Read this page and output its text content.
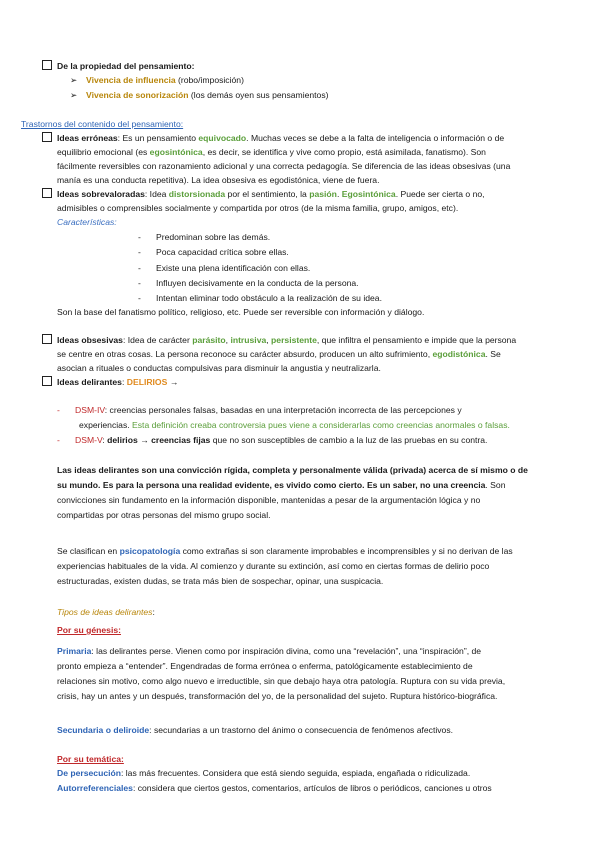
De la propiedad del pensamiento:
➢ Vivencia de influencia (robo/imposición)
➢ Vivencia de sonorización (los demás oyen sus pensamientos)
Trastornos del contenido del pensamiento:
Ideas erróneas: Es un pensamiento equivocado. Muchas veces se debe a la falta de inteligencia o información o de
equilibrio emocional (es egosintónica, es decir, se identifica y vive como propio, está asimilada, fanatismo). Son
fácilmente reversibles con razonamiento adicional y una correcta pedagogía. Se diferencia de las ideas obsesivas (una
manía es una conducta repetitiva). La idea obsesiva es egodistónica, viene de fuera.
Ideas sobrevaloradas: Idea distorsionada por el sentimiento, la pasión. Egosintónica. Puede ser cierta o no,
admisibles o comprensibles socialmente y compartida por otros (de la misma familia, grupo, amigos, etc).
Características:
- Predominan sobre las demás.
- Poca capacidad crítica sobre ellas.
- Existe una plena identificación con ellas.
- Influyen decisivamente en la conducta de la persona.
- Intentan eliminar todo obstáculo a la realización de su idea.
Son la base del fanatismo político, religioso, etc. Puede ser reversible con información y diálogo.
Ideas obsesivas: Idea de carácter parásito, intrusiva, persistente, que infiltra el pensamiento e impide que la persona
se centre en otras cosas. La persona reconoce su carácter absurdo, producen un alto sufrimiento, egodistónica. Se
asocian a rituales o conductas compulsivas para disminuir la angustia y neutralizarla.
Ideas delirantes: DELIRIOS →
- DSM-IV: creencias personales falsas, basadas en una interpretación incorrecta de las percepciones y
experiencias. Esta definición creaba controversia pues viene a considerarlas como creencias anormales o falsas.
- DSM-V: delirios → creencias fijas que no son susceptibles de cambio a la luz de las pruebas en su contra.
Las ideas delirantes son una convicción rígida, completa y personalmente válida (privada) acerca de sí mismo o de
su mundo. Es para la persona una realidad evidente, es vivido como cierto. Es un saber, no una creencia. Son
convicciones sin fundamento en la información disponible, mantenidas a pesar de la argumentación lógica y no
compartidas por otras personas del mismo grupo social.
Se clasifican en psicopatología como extrañas si son claramente improbables e incomprensibles y si no derivan de las
experiencias habituales de la vida. Al comienzo y durante su extinción, así como en ciertas formas de delirio poco
estructuradas, existen dudas, se trata más bien de sospechar, opinar, una suspicacia.
Tipos de ideas delirantes:
Por su génesis:
Primaria: las delirantes perse. Vienen como por inspiración divina, como una “revelación”, una “inspiración”, de
pronto empieza a “entender”. Engendradas de forma errónea o enferma, patológicamente establecimiento de
relaciones sin motivo, como algo nuevo e irreductible, sin que debajo haya otra patología. Ruptura con su vida previa,
crisis, hay un antes y un después, transformación del yo, de la personalidad del sujeto. Ruptura histórico-biográfica.
Secundaria o deliroide: secundarias a un trastorno del ánimo o consecuencia de fenómenos afectivos.
Por su temática:
De persecución: las más frecuentes. Considera que está siendo seguida, espiada, engañada o ridiculizada.
Autorreferenciales: considera que ciertos gestos, comentarios, artículos de libros o periódicos, canciones u otros
